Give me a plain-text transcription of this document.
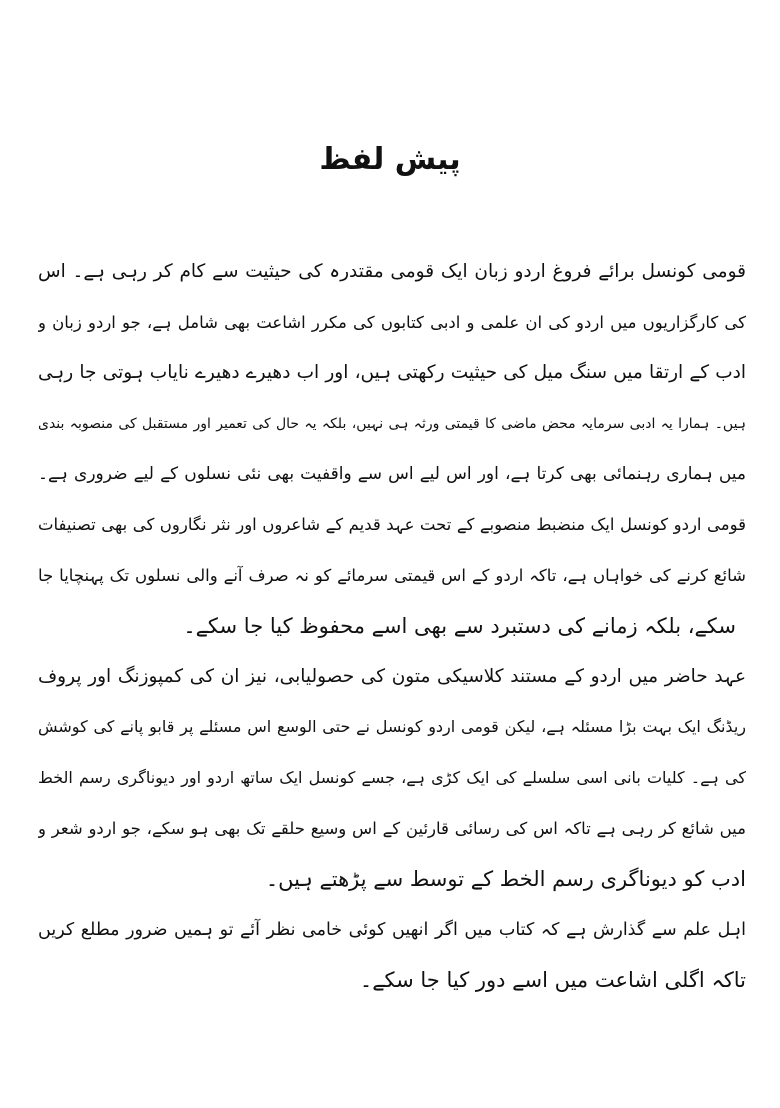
پیش لفظ
قومی کونسل برائے فروغ اردو زبان ایک قومی مقتدرہ کی حیثیت سے کام کر رہی ہے۔ اس
کی کارگزاریوں میں اردو کی ان علمی و ادبی کتابوں کی مکرر اشاعت بھی شامل ہے، جو اردو زبان و
ادب کے ارتقا میں سنگ میل کی حیثیت رکھتی ہیں، اور اب دھیرے دھیرے نایاب ہوتی جا رہی
ہیں۔ ہمارا یہ ادبی سرمایہ محض ماضی کا قیمتی ورثہ ہی نہیں، بلکہ یہ حال کی تعمیر اور مستقبل کی منصوبہ بندی
میں ہماری رہنمائی بھی کرتا ہے، اور اس لیے اس سے واقفیت بھی نئی نسلوں کے لیے ضروری ہے۔
قومی اردو کونسل ایک منضبط منصوبے کے تحت عہد قدیم کے شاعروں اور نثر نگاروں کی بھی تصنیفات
شائع کرنے کی خواہاں ہے، تاکہ اردو کے اس قیمتی سرمائے کو نہ صرف آنے والی نسلوں تک پہنچایا جا
سکے، بلکہ زمانے کی دستبرد سے بھی اسے محفوظ کیا جا سکے۔
عہد حاضر میں اردو کے مستند کلاسیکی متون کی حصولیابی، نیز ان کی کمپوزنگ اور پروف
ریڈنگ ایک بہت بڑا مسئلہ ہے، لیکن قومی اردو کونسل نے حتی الوسع اس مسئلے پر قابو پانے کی کوشش
کی ہے۔ کلیات بانی اسی سلسلے کی ایک کڑی ہے، جسے کونسل ایک ساتھ اردو اور دیوناگری رسم الخط
میں شائع کر رہی ہے تاکہ اس کی رسائی قارئین کے اس وسیع حلقے تک بھی ہو سکے، جو اردو شعر و
ادب کو دیوناگری رسم الخط کے توسط سے پڑھتے ہیں۔
اہل علم سے گذارش ہے کہ کتاب میں اگر انھیں کوئی خامی نظر آئے تو ہمیں ضرور مطلع کریں
تاکہ اگلی اشاعت میں اسے دور کیا جا سکے۔
